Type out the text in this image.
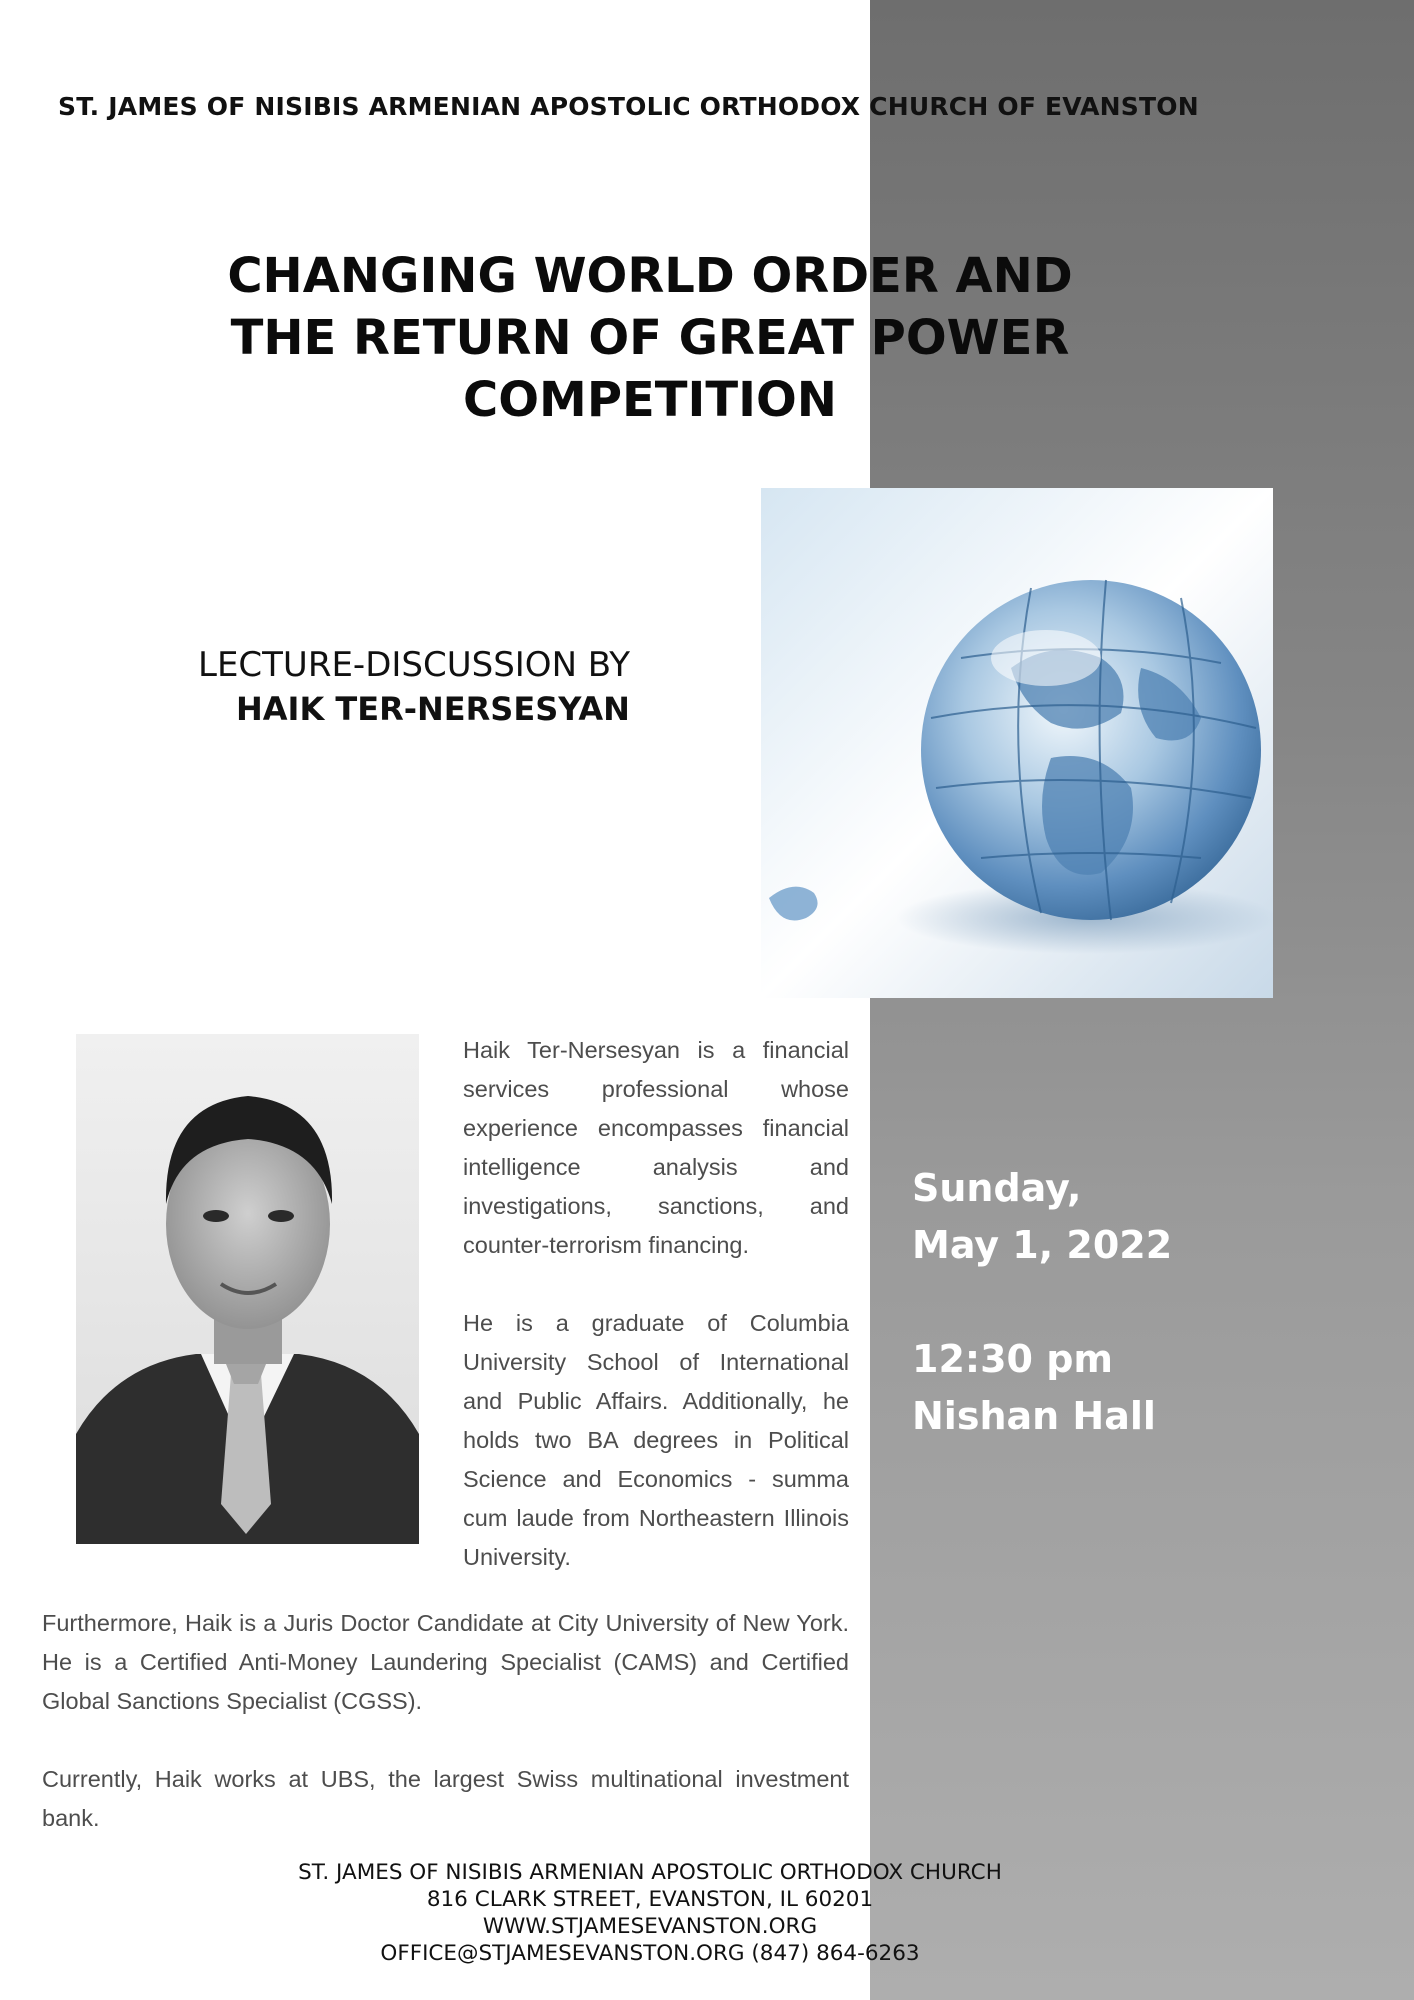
ST. JAMES OF NISIBIS ARMENIAN APOSTOLIC ORTHODOX CHURCH OF EVANSTON
CHANGING WORLD ORDER AND
THE RETURN OF GREAT POWER
COMPETITION
LECTURE-DISCUSSION BY
HAIK TER-NERSESYAN

Haik Ter-Nersesyan is a financial services professional whose experience encompasses financial intelligence analysis and investigations, sanctions, and counter-terrorism financing.

He is a graduate of Columbia University School of International and Public Affairs. Additionally, he holds two BA degrees in Political Science and Economics - summa cum laude from Northeastern Illinois University.

Furthermore, Haik is a Juris Doctor Candidate at City University of New York. He is a Certified Anti-Money Laundering Specialist (CAMS) and Certified Global Sanctions Specialist (CGSS).

Currently, Haik works at UBS, the largest Swiss multinational investment bank.

Sunday,
May 1, 2022
12:30 pm
Nishan Hall
ST. JAMES OF NISIBIS ARMENIAN APOSTOLIC ORTHODOX CHURCH
816 CLARK STREET, EVANSTON, IL 60201
WWW.STJAMESEVANSTON.ORG
OFFICE@STJAMESEVANSTON.ORG (847) 864-6263
